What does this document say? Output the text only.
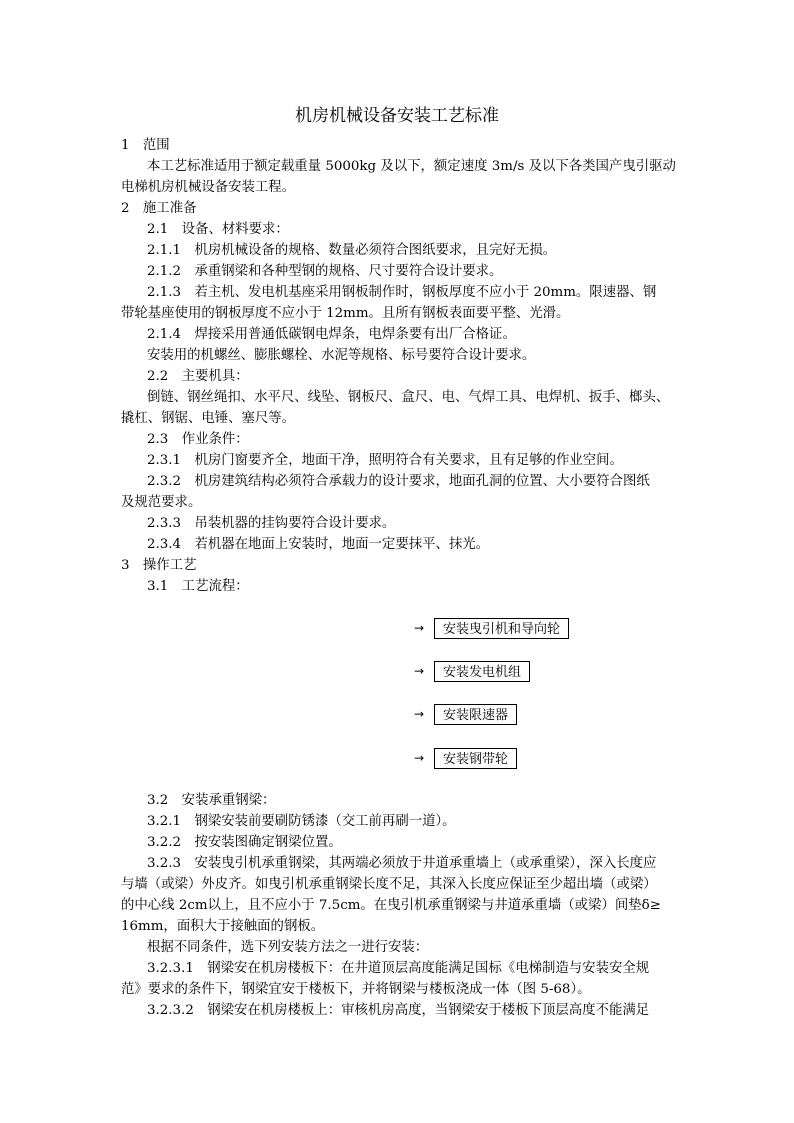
机房机械设备安装工艺标准
1　范围
本工艺标准适用于额定载重量 5000kg 及以下，额定速度 3m/s 及以下各类国产曳引驱动
电梯机房机械设备安装工程。
2　施工准备
2.1　设备、材料要求：
2.1.1　机房机械设备的规格、数量必须符合图纸要求，且完好无损。
2.1.2　承重钢梁和各种型钢的规格、尺寸要符合设计要求。
2.1.3　若主机、发电机基座采用钢板制作时，钢板厚度不应小于 20mm。限速器、钢
带轮基座使用的钢板厚度不应小于 12mm。且所有钢板表面要平整、光滑。
2.1.4　焊接采用普通低碳钢电焊条，电焊条要有出厂合格证。
安装用的机螺丝、膨胀螺栓、水泥等规格、标号要符合设计要求。
2.2　主要机具：
倒链、钢丝绳扣、水平尺、线坠、钢板尺、盒尺、电、气焊工具、电焊机、扳手、榔头、
撬杠、钢锯、电锤、塞尺等。
2.3　作业条件：
2.3.1　机房门窗要齐全，地面干净，照明符合有关要求，且有足够的作业空间。
2.3.2　机房建筑结构必须符合承载力的设计要求，地面孔洞的位置、大小要符合图纸
及规范要求。
2.3.3　吊装机器的挂钩要符合设计要求。
2.3.4　若机器在地面上安装时，地面一定要抹平、抹光。
3　操作工艺
3.1　工艺流程：
→	安装曳引机和导向轮
→	安装发电机组
→	安装限速器
→	安装钢带轮
3.2　安装承重钢梁：
3.2.1　钢梁安装前要刷防锈漆（交工前再刷一道）。
3.2.2　按安装图确定钢梁位置。
3.2.3　安装曳引机承重钢梁，其两端必须放于井道承重墙上（或承重梁），深入长度应
与墙（或梁）外皮齐。如曳引机承重钢梁长度不足，其深入长度应保证至少超出墙（或梁）
的中心线 2cm以上，且不应小于 7.5cm。在曳引机承重钢梁与井道承重墙（或梁）间垫δ≥
16mm，面积大于接触面的钢板。
根据不同条件，选下列安装方法之一进行安装：
3.2.3.1　钢梁安在机房楼板下：在井道顶层高度能满足国标《电梯制造与安装安全规
范》要求的条件下，钢梁宜安于楼板下，并将钢梁与楼板浇成一体（图 5-68）。
3.2.3.2　钢梁安在机房楼板上：审核机房高度，当钢梁安于楼板下顶层高度不能满足
